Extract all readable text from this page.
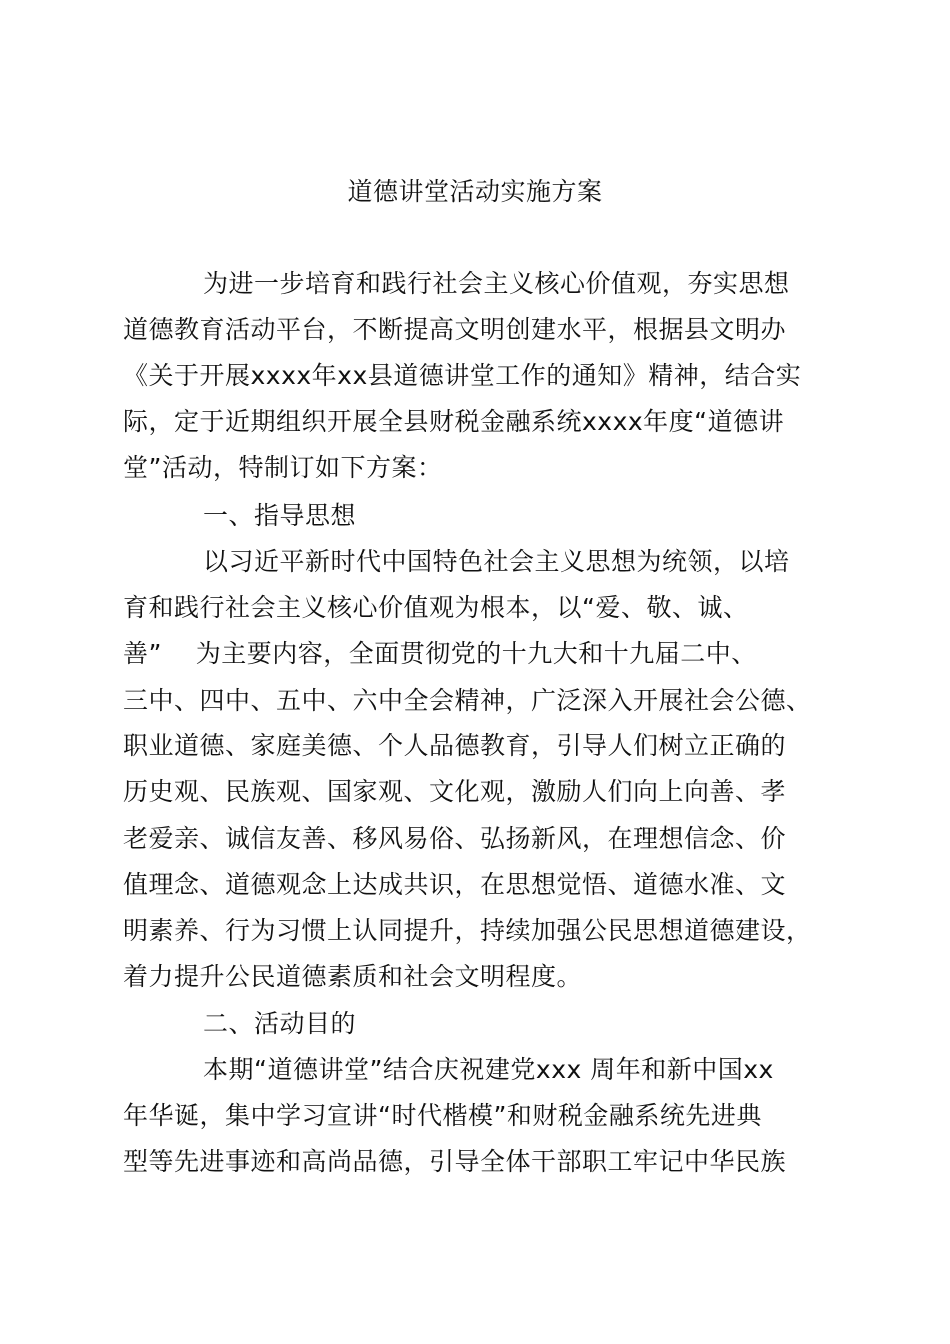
道德讲堂活动实施方案
为进一步培育和践行社会主义核心价值观，夯实思想
道德教育活动平台，不断提高文明创建水平，根据县文明办
《关于开展xxxx年xx县道德讲堂工作的通知》精神，结合实
际，定于近期组织开展全县财税金融系统xxxx年度“道德讲
堂”活动，特制订如下方案：
一、指导思想
以习近平新时代中国特色社会主义思想为统领，以培
育和践行社会主义核心价值观为根本，以“爱、敬、诚、
善”    为主要内容，全面贯彻党的十九大和十九届二中、
三中、四中、五中、六中全会精神，广泛深入开展社会公德、
职业道德、家庭美德、个人品德教育，引导人们树立正确的
历史观、民族观、国家观、文化观，激励人们向上向善、孝
老爱亲、诚信友善、移风易俗、弘扬新风，在理想信念、价
值理念、道德观念上达成共识，在思想觉悟、道德水准、文
明素养、行为习惯上认同提升，持续加强公民思想道德建设，
着力提升公民道德素质和社会文明程度。
二、活动目的
本期“道德讲堂”结合庆祝建党xxx 周年和新中国xx
年华诞，集中学习宣讲“时代楷模”和财税金融系统先进典
型等先进事迹和高尚品德，引导全体干部职工牢记中华民族
